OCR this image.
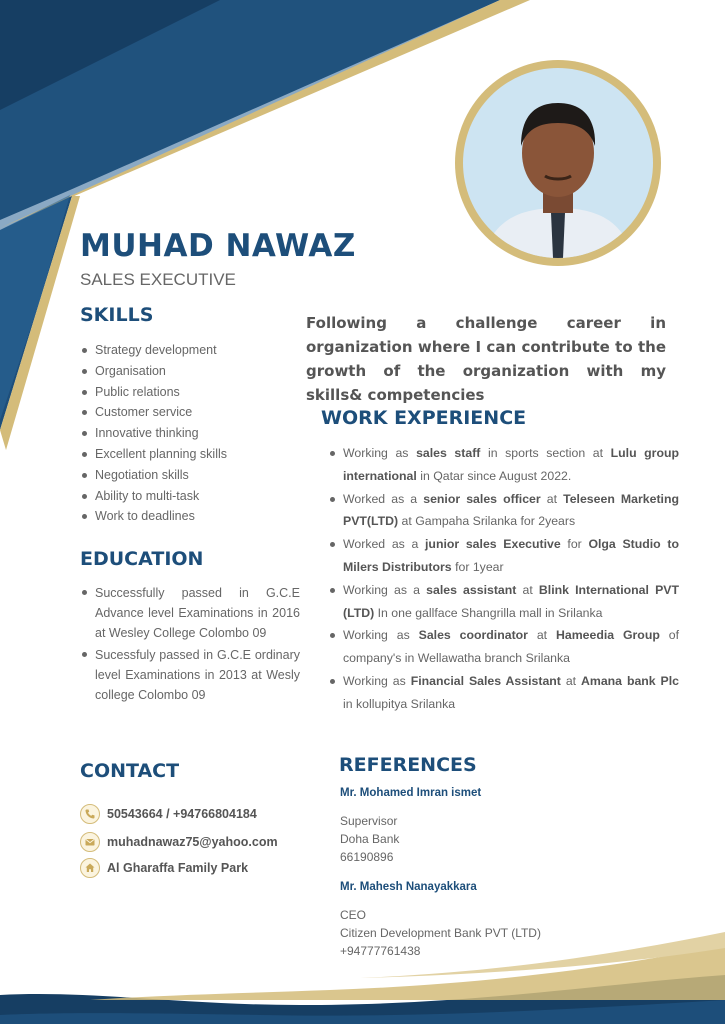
MUHAD NAWAZ
SALES EXECUTIVE
Following a challenge career in organization where I can contribute to the growth of the organization with my skills& competencies
SKILLS
Strategy development
Organisation
Public relations
Customer service
Innovative thinking
Excellent planning skills
Negotiation skills
Ability to multi-task
Work to deadlines
EDUCATION
Successfully passed in G.C.E Advance level Examinations in 2016 at Wesley College Colombo 09
Sucessfuly passed in G.C.E ordinary level Examinations in 2013 at Wesly college Colombo 09
WORK EXPERIENCE
Working as sales staff in sports section at Lulu group international in Qatar since August 2022.
Worked as a senior sales officer at Teleseen Marketing PVT(LTD) at Gampaha Srilanka for 2years
Worked as a junior sales Executive for Olga Studio to Milers Distributors for 1year
Working as a sales assistant at Blink International PVT (LTD) In one gallface Shangrilla mall in Srilanka
Working as Sales coordinator at Hameedia Group of company's in Wellawatha branch Srilanka
Working as Financial Sales Assistant at Amana bank Plc in kollupitya Srilanka
CONTACT
50543664 / +94766804184
muhadnawaz75@yahoo.com
Al Gharaffa Family Park
REFERENCES
Mr. Mohamed Imran ismet
Supervisor
Doha Bank
66190896
Mr. Mahesh Nanayakkara
CEO
Citizen Development Bank PVT (LTD)
+94777761438
